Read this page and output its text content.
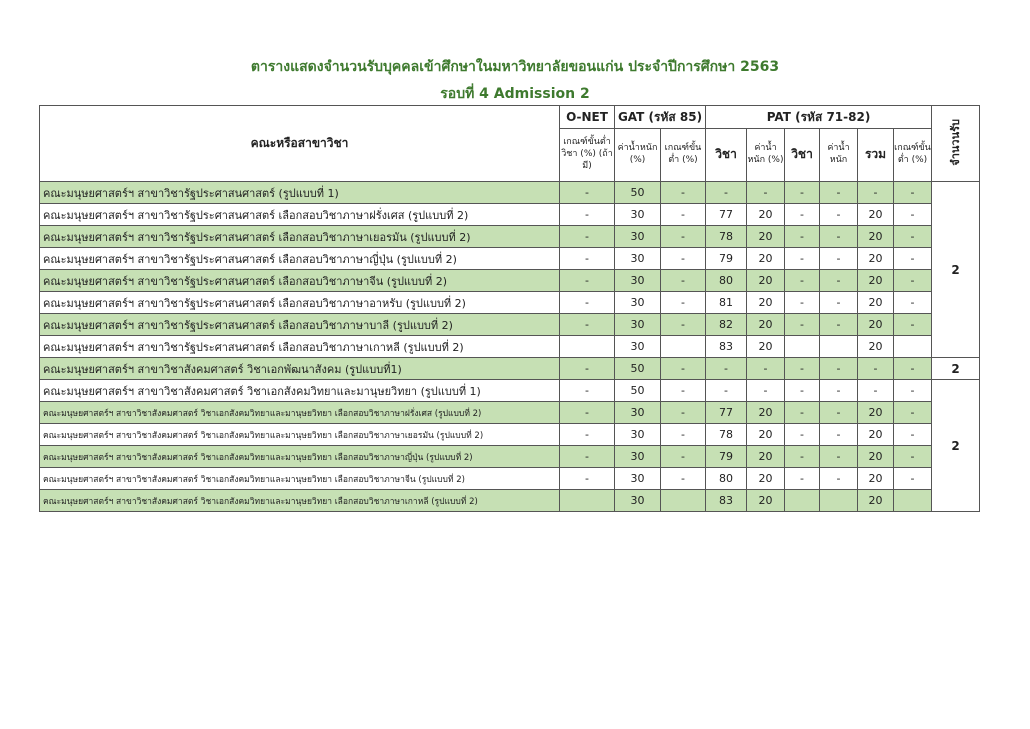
ตารางแสดงจำนวนรับบุคคลเข้าศึกษาในมหาวิทยาลัยขอนแก่น ประจำปีการศึกษา 2563
รอบที่ 4 Admission 2
คณะหรือสาขาวิชา	O-NET	GAT (รหัส 85)		PAT (รหัส 71-82)						จำนวนรับ
	เกณฑ์ขั้นต่ำวิชา (%) (ถ้ามี)	ค่าน้ำหนัก (%)	เกณฑ์ขั้นต่ำ (%)	วิชา	ค่าน้ำหนัก (%)	วิชา	ค่าน้ำหนัก	รวม	เกณฑ์ขั้นต่ำ (%)	
คณะมนุษยศาสตร์ฯ สาขาวิชารัฐประศาสนศาสตร์ (รูปแบบที่ 1)	-	50	-	-	-	-	-	-	-	2
คณะมนุษยศาสตร์ฯ สาขาวิชารัฐประศาสนศาสตร์ เลือกสอบวิชาภาษาฝรั่งเศส (รูปแบบที่ 2)	-	30	-	77	20	-	-	20	-	
คณะมนุษยศาสตร์ฯ สาขาวิชารัฐประศาสนศาสตร์ เลือกสอบวิชาภาษาเยอรมัน (รูปแบบที่ 2)	-	30	-	78	20	-	-	20	-	
คณะมนุษยศาสตร์ฯ สาขาวิชารัฐประศาสนศาสตร์ เลือกสอบวิชาภาษาญี่ปุ่น (รูปแบบที่ 2)	-	30	-	79	20	-	-	20	-	
คณะมนุษยศาสตร์ฯ สาขาวิชารัฐประศาสนศาสตร์ เลือกสอบวิชาภาษาจีน (รูปแบบที่ 2)	-	30	-	80	20	-	-	20	-	
คณะมนุษยศาสตร์ฯ สาขาวิชารัฐประศาสนศาสตร์ เลือกสอบวิชาภาษาอาหรับ (รูปแบบที่ 2)	-	30	-	81	20	-	-	20	-	
คณะมนุษยศาสตร์ฯ สาขาวิชารัฐประศาสนศาสตร์ เลือกสอบวิชาภาษาบาลี (รูปแบบที่ 2)	-	30	-	82	20	-	-	20	-	
คณะมนุษยศาสตร์ฯ สาขาวิชารัฐประศาสนศาสตร์ เลือกสอบวิชาภาษาเกาหลี (รูปแบบที่ 2)		30		83	20			20		
คณะมนุษยศาสตร์ฯ สาขาวิชาสังคมศาสตร์ วิชาเอกพัฒนาสังคม (รูปแบบที่1)	-	50	-	-	-	-	-	-	-	2
คณะมนุษยศาสตร์ฯ สาขาวิชาสังคมศาสตร์ วิชาเอกสังคมวิทยาและมานุษยวิทยา (รูปแบบที่ 1)	-	50	-	-	-	-	-	-	-	2
คณะมนุษยศาสตร์ฯ สาขาวิชาสังคมศาสตร์ วิชาเอกสังคมวิทยาและมานุษยวิทยา เลือกสอบวิชาภาษาฝรั่งเศส (รูปแบบที่ 2)	-	30	-	77	20	-	-	20	-	
คณะมนุษยศาสตร์ฯ สาขาวิชาสังคมศาสตร์ วิชาเอกสังคมวิทยาและมานุษยวิทยา เลือกสอบวิชาภาษาเยอรมัน (รูปแบบที่ 2)	-	30	-	78	20	-	-	20	-	
คณะมนุษยศาสตร์ฯ สาขาวิชาสังคมศาสตร์ วิชาเอกสังคมวิทยาและมานุษยวิทยา เลือกสอบวิชาภาษาญี่ปุ่น (รูปแบบที่ 2)	-	30	-	79	20	-	-	20	-	
คณะมนุษยศาสตร์ฯ สาขาวิชาสังคมศาสตร์ วิชาเอกสังคมวิทยาและมานุษยวิทยา เลือกสอบวิชาภาษาจีน (รูปแบบที่ 2)	-	30	-	80	20	-	-	20	-	
คณะมนุษยศาสตร์ฯ สาขาวิชาสังคมศาสตร์ วิชาเอกสังคมวิทยาและมานุษยวิทยา เลือกสอบวิชาภาษาเกาหลี (รูปแบบที่ 2)		30		83	20			20		
